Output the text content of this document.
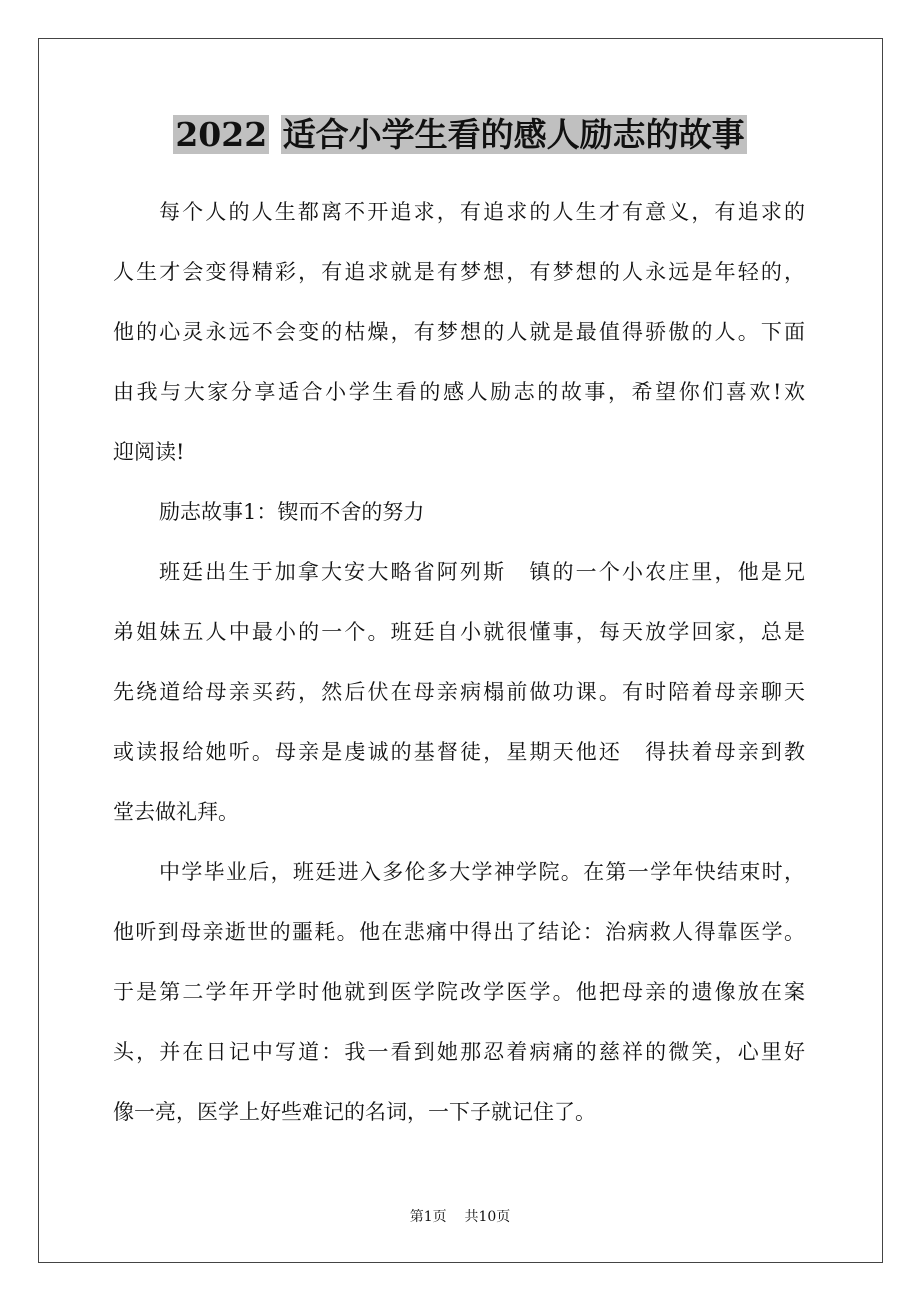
2022 适合小学生看的感人励志的故事
每个人的人生都离不开追求，有追求的人生才有意义，有追求的
人生才会变得精彩，有追求就是有梦想，有梦想的人永远是年轻的，
他的心灵永远不会变的枯燥，有梦想的人就是最值得骄傲的人。下面
由我与大家分享适合小学生看的感人励志的故事，希望你们喜欢!欢
迎阅读!
励志故事1：锲而不舍的努力
班廷出生于加拿大安大略省阿列斯　镇的一个小农庄里，他是兄
弟姐妹五人中最小的一个。班廷自小就很懂事，每天放学回家，总是
先绕道给母亲买药，然后伏在母亲病榻前做功课。有时陪着母亲聊天
或读报给她听。母亲是虔诚的基督徒，星期天他还　得扶着母亲到教
堂去做礼拜。
中学毕业后，班廷进入多伦多大学神学院。在第一学年快结束时，
他听到母亲逝世的噩耗。他在悲痛中得出了结论：治病救人得靠医学。
于是第二学年开学时他就到医学院改学医学。他把母亲的遗像放在案
头，并在日记中写道：我一看到她那忍着病痛的慈祥的微笑，心里好
像一亮，医学上好些难记的名词，一下子就记住了。
第1页 共10页
